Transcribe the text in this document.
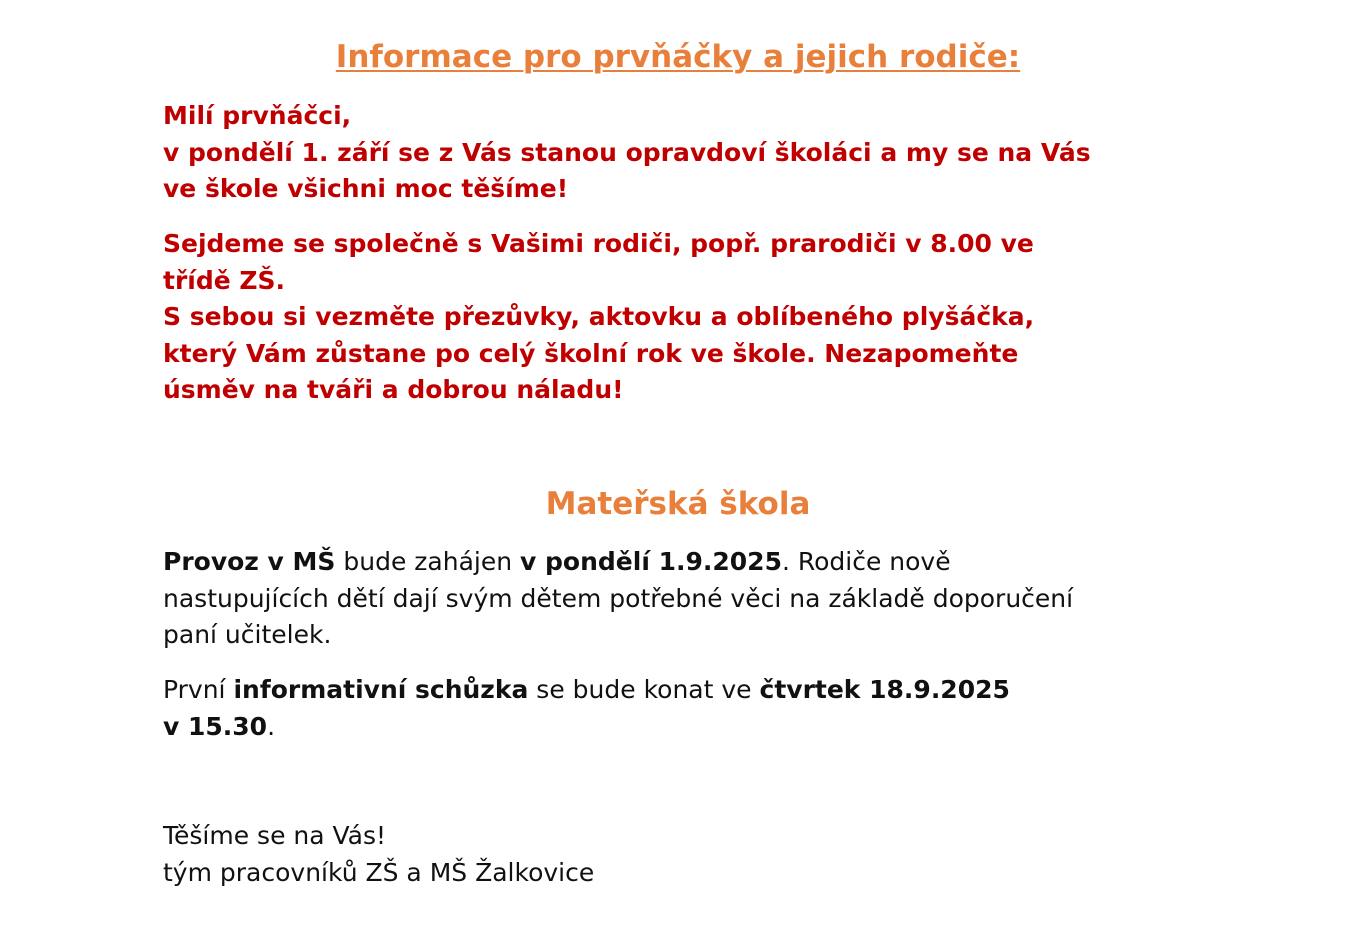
Informace pro prvňáčky a jejich rodiče:

Milí prvňáčci,
v pondělí 1. září se z Vás stanou opravdoví školáci a my se na Vás
ve škole všichni moc těšíme!

Sejdeme se společně s Vašimi rodiči, popř. prarodiči v 8.00 ve
třídě ZŠ.
S sebou si vezměte přezůvky, aktovku a oblíbeného plyšáčka,
který Vám zůstane po celý školní rok ve škole. Nezapomeňte
úsměv na tváři a dobrou náladu!

Mateřská škola

Provoz v MŠ bude zahájen v pondělí 1.9.2025. Rodiče nově
nastupujících dětí dají svým dětem potřebné věci na základě doporučení
paní učitelek.

První informativní schůzka se bude konat ve čtvrtek 18.9.2025
v 15.30.

Těšíme se na Vás!
tým pracovníků ZŠ a MŠ Žalkovice
